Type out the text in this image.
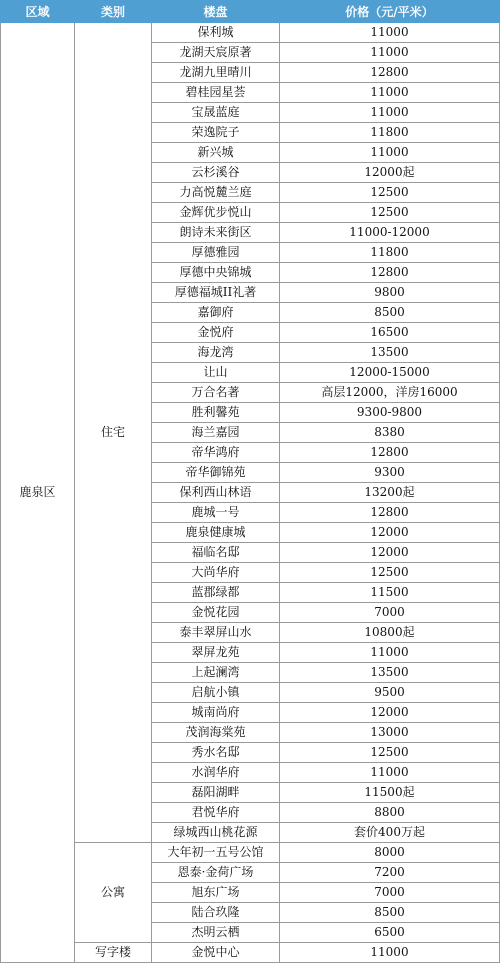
区域	类别	楼盘	价格（元/平米）
鹿泉区	住宅	保利城	11000
		龙湖天宸原著	11000
		龙湖九里晴川	12800
		碧桂园星荟	11000
		宝晟蓝庭	11000
		荣逸院子	11800
		新兴城	11000
		云杉溪谷	12000起
		力高悦麓兰庭	12500
		金辉优步悦山	12500
		朗诗未来街区	11000-12000
		厚德雅园	11800
		厚德中央锦城	12800
		厚德福城II礼著	9800
		嘉御府	8500
		金悦府	16500
		海龙湾	13500
		让山	12000-15000
		万合名著	高层12000，洋房16000
		胜利馨苑	9300-9800
		海兰嘉园	8380
		帝华鸿府	12800
		帝华御锦苑	9300
		保利西山林语	13200起
		鹿城一号	12800
		鹿泉健康城	12000
		福临名邸	12000
		大尚华府	12500
		蓝郡绿都	11500
		金悦花园	7000
		泰丰翠屏山水	10800起
		翠屏龙苑	11000
		上起澜湾	13500
		启航小镇	9500
		城南尚府	12000
		茂润海棠苑	13000
		秀水名邸	12500
		水润华府	11000
		磊阳湖畔	11500起
		君悦华府	8800
		绿城西山桃花源	套价400万起
	公寓	大年初一五号公馆	8000
		恩泰·金荷广场	7200
		旭东广场	7000
		陆合玖隆	8500
		杰明云栖	6500
	写字楼	金悦中心	11000
